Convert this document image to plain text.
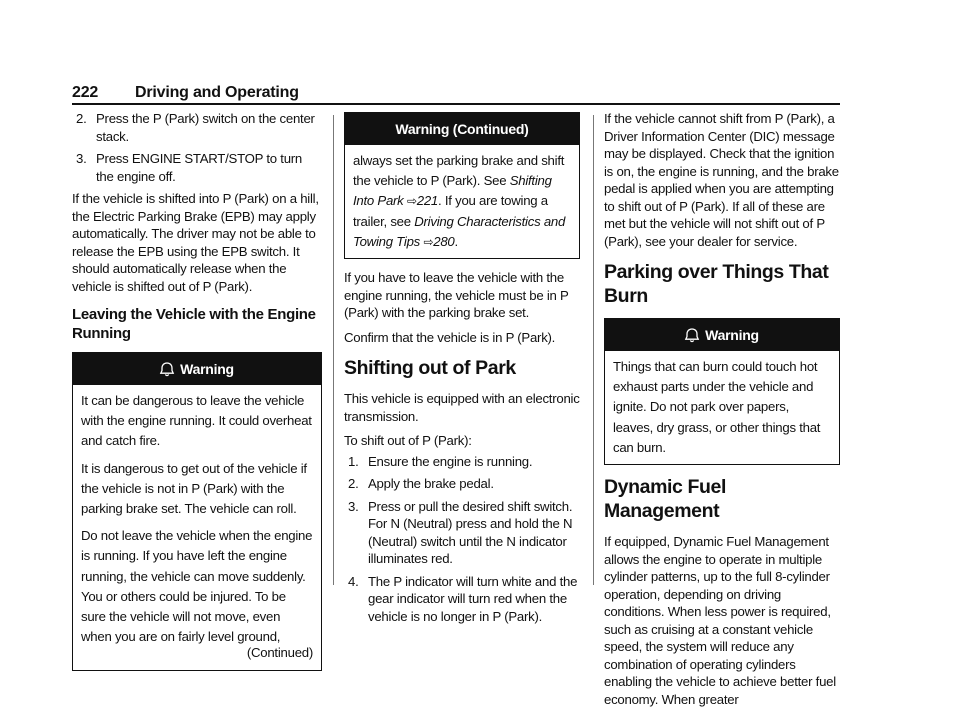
222 Driving and Operating
2. Press the P (Park) switch on the center stack.
3. Press ENGINE START/STOP to turn the engine off.

If the vehicle is shifted into P (Park) on a hill, the Electric Parking Brake (EPB) may apply automatically. The driver may not be able to release the EPB using the EPB switch. It should automatically release when the vehicle is shifted out of P (Park).

Leaving the Vehicle with the Engine Running
Warning

It can be dangerous to leave the vehicle with the engine running. It could overheat and catch fire.

It is dangerous to get out of the vehicle if the vehicle is not in P (Park) with the parking brake set. The vehicle can roll.

Do not leave the vehicle when the engine is running. If you have left the engine running, the vehicle can move suddenly. You or others could be injured. To be sure the vehicle will not move, even when you are on fairly level ground,

(Continued)
Warning (Continued)
always set the parking brake and shift the vehicle to P (Park). See Shifting Into Park ⇨221. If you are towing a trailer, see Driving Characteristics and Towing Tips ⇨280.

If you have to leave the vehicle with the engine running, the vehicle must be in P (Park) with the parking brake set.

Confirm that the vehicle is in P (Park).

Shifting out of Park

This vehicle is equipped with an electronic transmission.

To shift out of P (Park):

1. Ensure the engine is running.
2. Apply the brake pedal.
3. Press or pull the desired shift switch. For N (Neutral) press and hold the N (Neutral) switch until the N indicator illuminates red.
4. The P indicator will turn white and the gear indicator will turn red when the vehicle is no longer in P (Park).

If the vehicle cannot shift from P (Park), a Driver Information Center (DIC) message may be displayed. Check that the ignition is on, the engine is running, and the brake pedal is applied when you are attempting to shift out of P (Park). If all of these are met but the vehicle will not shift out of P (Park), see your dealer for service.

Parking over Things That Burn
Warning
Things that can burn could touch hot exhaust parts under the vehicle and ignite. Do not park over papers, leaves, dry grass, or other things that can burn.
Dynamic Fuel Management

If equipped, Dynamic Fuel Management allows the engine to operate in multiple cylinder patterns, up to the full 8-cylinder operation, depending on driving conditions. When less power is required, such as cruising at a constant vehicle speed, the system will reduce any combination of operating cylinders enabling the vehicle to achieve better fuel economy. When greater
